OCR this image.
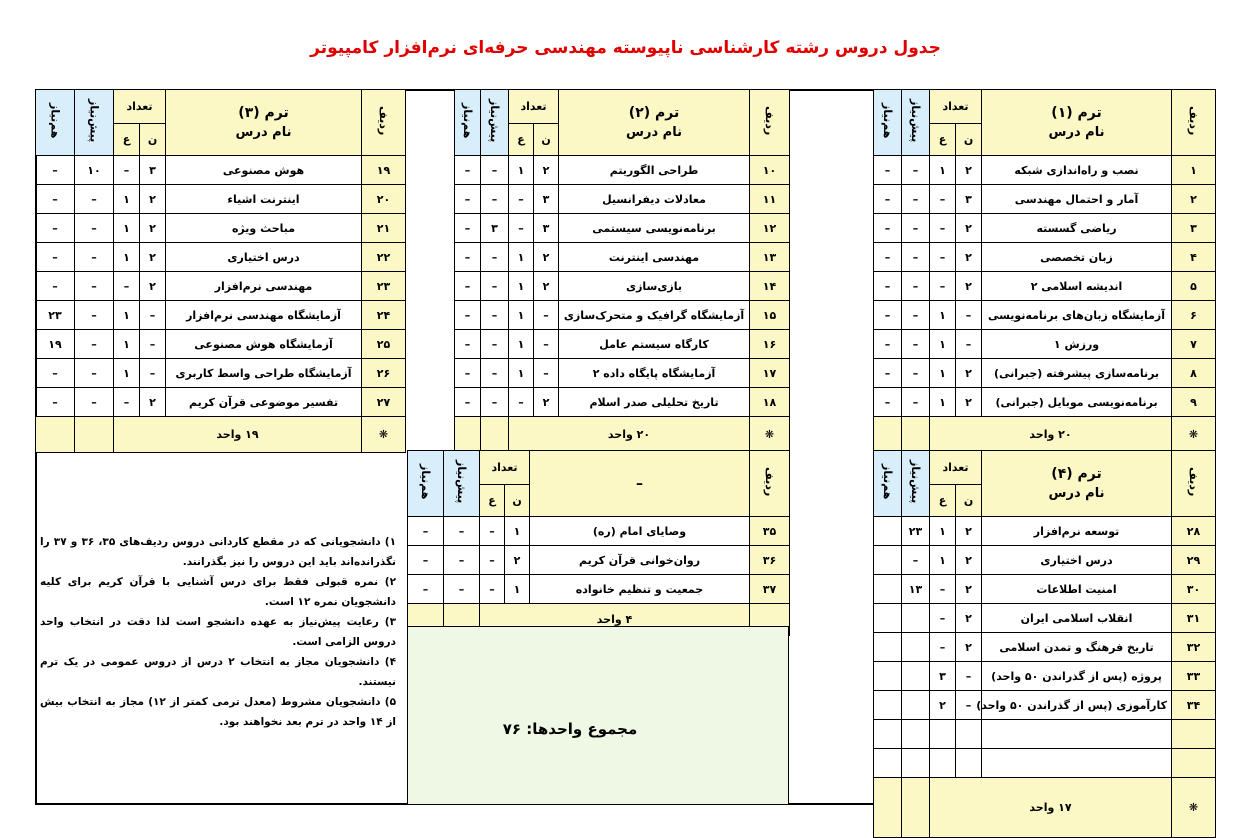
جدول دروس رشته کارشناسی ناپیوسته مهندسی حرفه‌ای نرم‌افزار کامپیوتر
ردیف	ترم (۱)
نام درس	تعداد		پیش‌نیاز	هم‌نیاز
		ن	ع		
۱	نصب و راه‌اندازی شبکه	۲	۱	–	–
۲	آمار و احتمال مهندسی	۳	–	–	–
۳	ریاضی گسسته	۲	–	–	–
۴	زبان تخصصی	۲	–	–	–
۵	اندیشه اسلامی ۲	۲	–	–	–
۶	آزمایشگاه زبان‌های برنامه‌نویسی	–	۱	–	–
۷	ورزش ۱	–	۱	–	–
۸	برنامه‌سازی پیشرفته (جبرانی)	۲	۱	–	–
۹	برنامه‌نویسی موبایل (جبرانی)	۲	۱	–	–
❋	۲۰ واحد				
ردیف	ترم (۲)
نام درس	تعداد		پیش‌نیاز	هم‌نیاز
		ن	ع		
۱۰	طراحی الگوریتم	۲	۱	–	–
۱۱	معادلات دیفرانسیل	۳	–	–	–
۱۲	برنامه‌نویسی سیستمی	۳	–	۳	–
۱۳	مهندسی اینترنت	۲	۱	–	–
۱۴	بازی‌سازی	۲	۱	–	–
۱۵	آزمایشگاه گرافیک و متحرک‌سازی	–	۱	–	–
۱۶	کارگاه سیستم عامل	–	۱	–	–
۱۷	آزمایشگاه پایگاه داده ۲	–	۱	–	–
۱۸	تاریخ تحلیلی صدر اسلام	۲	–	–	–
❋	۲۰ واحد				
ردیف	ترم (۳)
نام درس	تعداد		پیش‌نیاز	هم‌نیاز
		ن	ع		
۱۹	هوش مصنوعی	۳	–	۱۰	–
۲۰	اینترنت اشیاء	۲	۱	–	–
۲۱	مباحث ویژه	۲	۱	–	–
۲۲	درس اختیاری	۲	۱	–	–
۲۳	مهندسی نرم‌افزار	۲	–	–	–
۲۴	آزمایشگاه مهندسی نرم‌افزار	–	۱	–	۲۳
۲۵	آزمایشگاه هوش مصنوعی	–	۱	–	۱۹
۲۶	آزمایشگاه طراحی واسط کاربری	–	۱	–	–
۲۷	تفسیر موضوعی قرآن کریم	۲	–	–	–
❋	۱۹ واحد				
ردیف	ترم (۴)
نام درس	تعداد		پیش‌نیاز	هم‌نیاز
		ن	ع		
۲۸	توسعه نرم‌افزار	۲	۱	۲۳	
۲۹	درس اختیاری	۲	۱	–	
۳۰	امنیت اطلاعات	۲	–	۱۳	
۳۱	انقلاب اسلامی ایران	۲	–		
۳۲	تاریخ فرهنگ و تمدن اسلامی	۲	–		
۳۳	پروژه (پس از گذراندن ۵۰ واحد)	–	۳		
۳۴	کارآموزی (پس از گذراندن ۵۰ واحد)	–	۲		

❋	۱۷ واحد				
ردیف	–	تعداد		پیش‌نیاز	هم‌نیاز
		ن	ع		
۳۵	وصایای امام (ره)	۱	–	–	–
۳۶	روان‌خوانی قرآن کریم	۲	–	–	–
۳۷	جمعیت و تنظیم خانواده	۱	–	–	–
	۴ واحد				
مجموع واحدها: ۷۶

۱) دانشجویانی که در مقطع کاردانی دروس ردیف‌های ۳۵، ۳۶ و ۳۷ را نگذرانده‌اند باید این دروس را نیز بگذرانند.

۲) نمره قبولی فقط برای درس آشنایی با قرآن کریم برای کلیه دانشجویان نمره ۱۲ است.

۳) رعایت پیش‌نیاز به عهده دانشجو است لذا دقت در انتخاب واحد دروس الزامی است.

۴) دانشجویان مجاز به انتخاب ۲ درس از دروس عمومی در یک ترم نیستند.

۵) دانشجویان مشروط (معدل ترمی کمتر از ۱۲) مجاز به انتخاب بیش از ۱۴ واحد در ترم بعد نخواهند بود.
